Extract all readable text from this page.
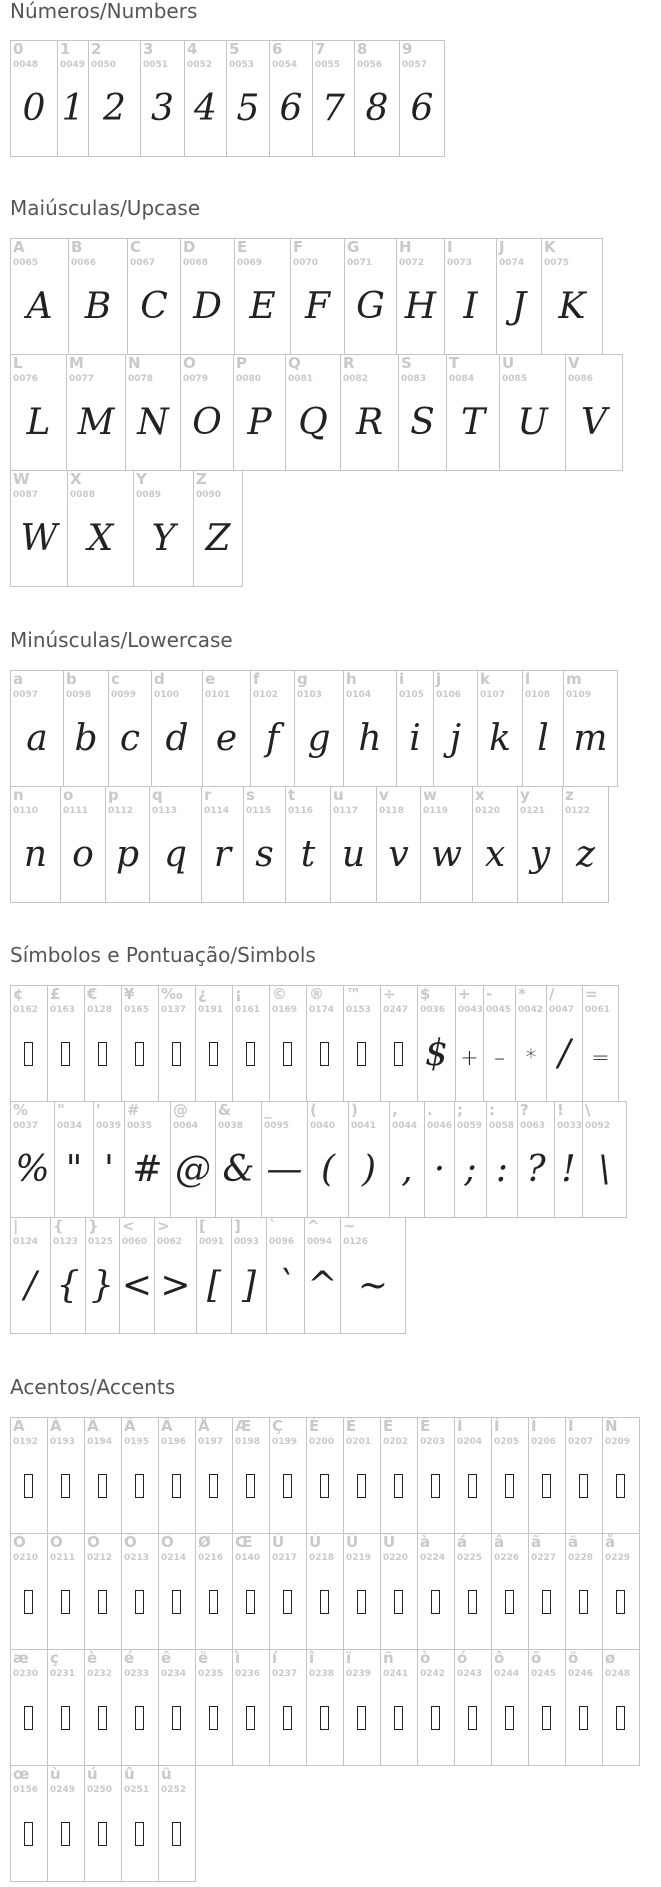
Números/Numbers
0
0048
0
1
0049
1
2
0050
2
3
0051
3
4
0052
4
5
0053
5
6
0054
6
7
0055
7
8
0056
8
9
0057
6
Maiúsculas/Upcase
A
0065
A
B
0066
B
C
0067
C
D
0068
D
E
0069
E
F
0070
F
G
0071
G
H
0072
H
I
0073
I
J
0074
J
K
0075
K
L
0076
L
M
0077
M
N
0078
N
O
0079
O
P
0080
P
Q
0081
Q
R
0082
R
S
0083
S
T
0084
T
U
0085
U
V
0086
V
W
0087
W
X
0088
X
Y
0089
Y
Z
0090
Z
Minúsculas/Lowercase
a
0097
a
b
0098
b
c
0099
c
d
0100
d
e
0101
e
f
0102
f
g
0103
g
h
0104
h
i
0105
i
j
0106
j
k
0107
k
l
0108
l
m
0109
m
n
0110
n
o
0111
o
p
0112
p
q
0113
q
r
0114
r
s
0115
s
t
0116
t
u
0117
u
v
0118
v
w
0119
w
x
0120
x
y
0121
y
z
0122
z
Símbolos e Pontuação/Simbols
¢
0162
£
0163
€
0128
¥
0165
‰
0137
¿
0191
¡
0161
©
0169
®
0174
™
0153
÷
0247
$
0036
$
+
0043
+
-
0045
–
*
0042
*
/
0047
/
=
0061
=
%
0037
%
"
0034
"
'
0039
'
#
0035
#
@
0064
@
&
0038
&
_
0095
—
(
0040
(
)
0041
)
,
0044
,
.
0046
·
;
0059
;
:
0058
:
?
0063
?
!
0033
!
\
0092
\
|
0124
/
{
0123
{
}
0125
}
<
0060
<
>
0062
>
[
0091
[
]
0093
]
`
0096
`
^
0094
^
~
0126
~
Acentos/Accents
À
0192
Á
0193
Â
0194
Ã
0195
Ä
0196
Å
0197
Æ
0198
Ç
0199
È
0200
É
0201
Ê
0202
Ë
0203
Ì
0204
Í
0205
Î
0206
Ï
0207
Ñ
0209
Ò
0210
Ó
0211
Ô
0212
Õ
0213
Ö
0214
Ø
0216
Œ
0140
Ù
0217
Ú
0218
Û
0219
Ü
0220
à
0224
á
0225
â
0226
ã
0227
ä
0228
å
0229
æ
0230
ç
0231
è
0232
é
0233
ê
0234
ë
0235
ì
0236
í
0237
î
0238
ï
0239
ñ
0241
ò
0242
ó
0243
ô
0244
õ
0245
ö
0246
ø
0248
œ
0156
ù
0249
ú
0250
û
0251
ü
0252
